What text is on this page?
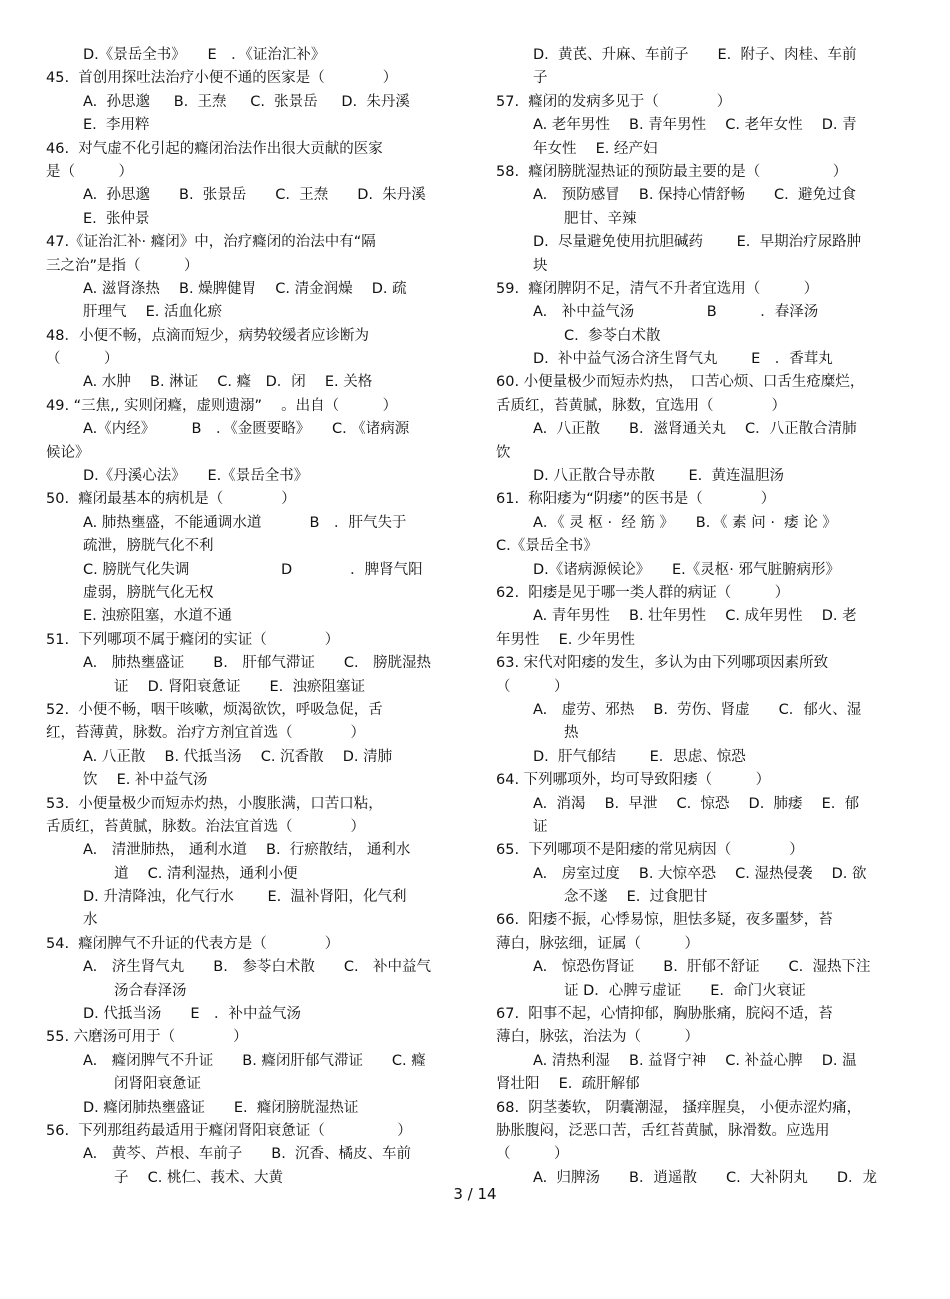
D.《景岳全书》　　E　．《证治汇补》
45.  首创用探吐法治疗小便不通的医家是（　　　　）
A.  孙思邈　  B.  王焘　  C.  张景岳　  D.  朱丹溪
E.  李用粹
46.  对气虚不化引起的癃闭治法作出很大贡献的医家
是（　　　）
A.  孙思邈　　B.  张景岳　　C.  王焘　　D.  朱丹溪
E.  张仲景
47.《证治汇补· 癃闭》中，治疗癃闭的治法中有“隔
三之治”是指（　　　）
A. 滋肾涤热　 B. 燥脾健胃　 C. 清金润燥　 D. 疏
肝理气　 E. 活血化瘀
48．小便不畅，点滴而短少，病势较缓者应诊断为
（　　　）
A. 水肿　 B. 淋证　 C. 癃　D．闭　 E. 关格
49. “三焦,, 实则闭癃，虚则遗溺”　 。出自（　　　）
A.《内经》　　　B　．《金匮要略》　　C. 《诸病源
候论》
D.《丹溪心法》　　E.《景岳全书》
50.  癃闭最基本的病机是（　　　　）
A. 肺热壅盛，不能通调水道　　　 B　．肝气失于
疏泄，膀胱气化不利
C. 膀胱气化失调　　　　　　 D　　　　．脾肾气阳
虚弱，膀胱气化无权
E. 浊瘀阻塞，水道不通
51.  下列哪项不属于癃闭的实证（　　　　）
A.　肺热壅盛证　　B.　肝郁气滞证　　C.　膀胱湿热
证　 D. 肾阳衰惫证　　E.  浊瘀阻塞证
52.  小便不畅，咽干咳嗽，烦渴欲饮，呼吸急促，舌
红，苔薄黄，脉数。治疗方剂宜首选（　　　　）
A. 八正散　 B. 代抵当汤　 C. 沉香散　 D. 清肺
饮　 E. 补中益气汤
53.  小便量极少而短赤灼热，小腹胀满，口苦口粘，
舌质红，苔黄腻，脉数。治法宜首选（　　　　）
A.　清泄肺热， 通利水道　 B.  行瘀散结， 通利水
道　 C. 清利湿热，通利小便
D. 升清降浊，化气行水　　 E.  温补肾阳，化气利
水
54.  癃闭脾气不升证的代表方是（　　　　）
A.　济生肾气丸　　B.　参苓白术散　　C.　补中益气
汤合春泽汤
D. 代抵当汤　　E　．补中益气汤
55. 六磨汤可用于（　　　　）
A.　癃闭脾气不升证　　B. 癃闭肝郁气滞证　　C. 癃
闭肾阳衰惫证
D. 癃闭肺热壅盛证　　E.  癃闭膀胱湿热证
56.  下列那组药最适用于癃闭肾阳衰惫证（　　　　　）
A.　黄芩、芦根、车前子　　B.  沉香、橘皮、车前
子　 C. 桃仁、莪术、大黄
D.  黄芪、升麻、车前子　　E.  附子、肉桂、车前
子
57.  癃闭的发病多见于（　　　　）
A. 老年男性　 B. 青年男性　 C. 老年女性　 D. 青
年女性　 E. 经产妇
58.  癃闭膀胱湿热证的预防最主要的是（　　　　　）
A.　预防感冒　 B. 保持心情舒畅　　C.  避免过食
肥甘、辛辣
D.  尽量避免使用抗胆碱药　　 E.  早期治疗尿路肿
块
59.  癃闭脾阴不足，清气不升者宜选用（　　　）
A.　补中益气汤　　　　　B　　　．春泽汤
C.  参苓白术散
D.  补中益气汤合济生肾气丸　　 E　．香茸丸
60. 小便量极少而短赤灼热，　口苦心烦、口舌生疮糜烂，
舌质红，苔黄腻，脉数，宜选用（　　　　）
A.  八正散　　B．滋肾通关丸　 C．八正散合清肺
饮
D. 八正散合导赤散　　 E.  黄连温胆汤
61.  称阳痿为“阴痿”的医书是（　　　　）
A．《 灵 枢 ·  经 筋 》　　B．《 素 问 ·  痿 论 》
C.《景岳全书》
D.《诸病源候论》　　E.《灵枢· 邪气脏腑病形》
62.  阳痿是见于哪一类人群的病证（　　　）
A. 青年男性　 B. 壮年男性　 C. 成年男性　 D. 老
年男性　 E. 少年男性
63. 宋代对阳痿的发生，多认为由下列哪项因素所致
（　　　）
A.　虚劳、邪热　 B.  劳伤、肾虚　　C．郁火、湿
热
D.  肝气郁结　　 E．思虑、惊恐
64. 下列哪项外，均可导致阳痿（　　　）
A.  消渴　 B.  早泄　 C.  惊恐　 D.  肺痿　 E.  郁
证
65.  下列哪项不是阳痿的常见病因（　　　　）
A.　房室过度　 B. 大惊卒恐　 C. 湿热侵袭　 D. 欲
念不遂　 E.  过食肥甘
66.  阳痿不振，心悸易惊，胆怯多疑，夜多噩梦，苔
薄白，脉弦细，证属（　　　）
A.　惊恐伤肾证　　B.  肝郁不舒证　　C.  湿热下注
证 D．心脾亏虚证　　E.  命门火衰证
67.  阳事不起，心情抑郁，胸胁胀痛，脘闷不适，苔
薄白，脉弦，治法为（　　　）
A. 清热利湿　 B. 益肾宁神　 C. 补益心脾　 D. 温
肾壮阳　 E.  疏肝解郁
68.  阴茎萎软， 阴囊潮湿， 搔痒腥臭， 小便赤涩灼痛，
胁胀腹闷，泛恶口苦，舌红苔黄腻，脉滑数。应选用
（　　　）
A.  归脾汤　　B．逍遥散　　C.  大补阴丸　　D．龙
3 / 14
